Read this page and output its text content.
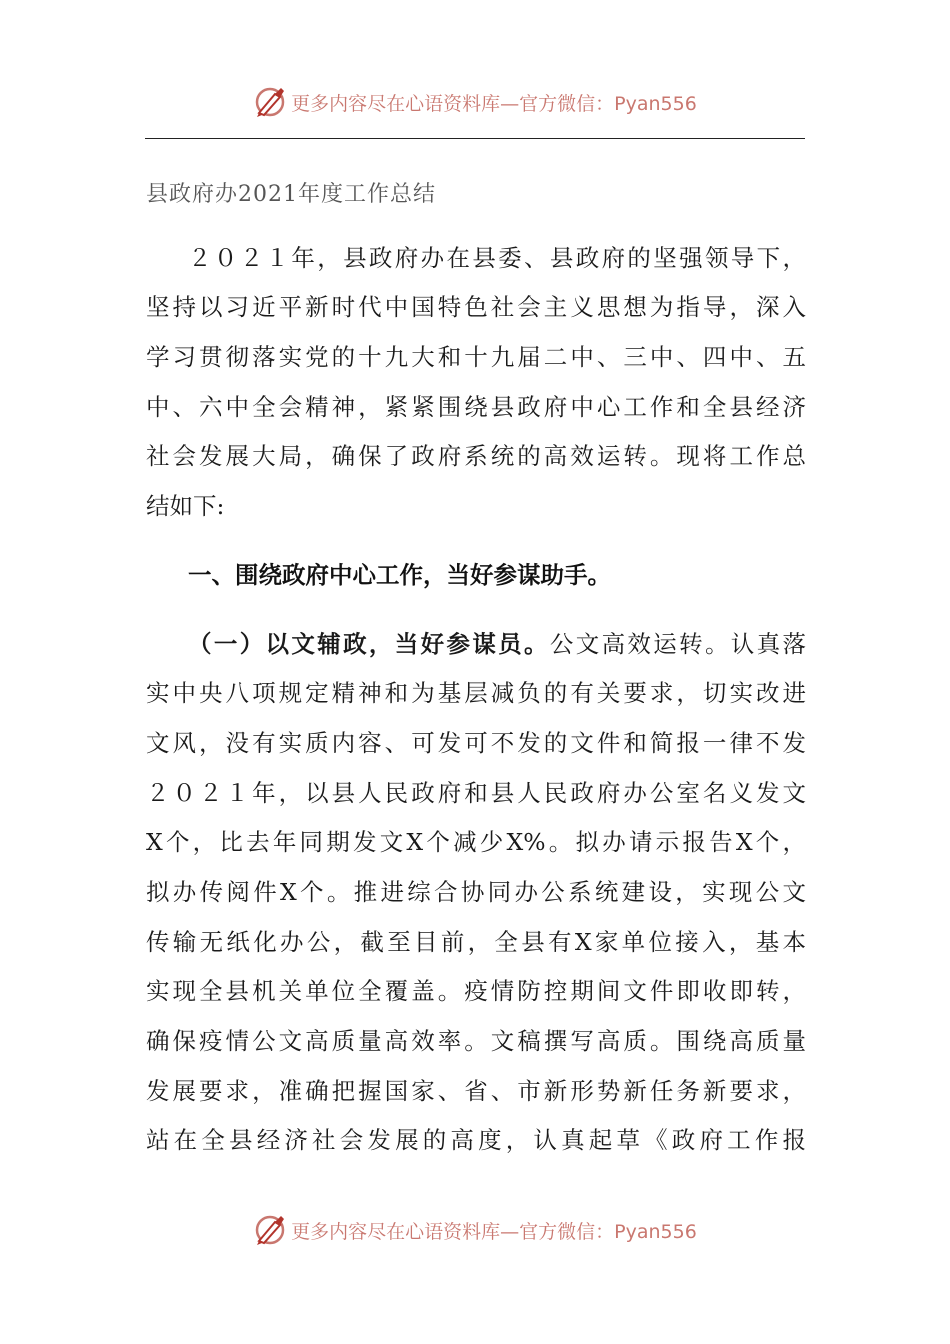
更多内容尽在心语资料库—官方微信：Pyan556
县政府办2021年度工作总结
２０２１年，县政府办在县委、县政府的坚强领导下，
坚持以习近平新时代中国特色社会主义思想为指导，深入
学习贯彻落实党的十九大和十九届二中、三中、四中、五
中、六中全会精神，紧紧围绕县政府中心工作和全县经济
社会发展大局，确保了政府系统的高效运转。现将工作总
结如下:
一、围绕政府中心工作，当好参谋助手。
（一）以文辅政，当好参谋员。公文高效运转。认真落
实中央八项规定精神和为基层减负的有关要求，切实改进
文风，没有实质内容、可发可不发的文件和简报一律不发
２０２１年，以县人民政府和县人民政府办公室名义发文
X个，比去年同期发文X个减少X%。拟办请示报告X个，
拟办传阅件X个。推进综合协同办公系统建设，实现公文
传输无纸化办公，截至目前，全县有X家单位接入，基本
实现全县机关单位全覆盖。疫情防控期间文件即收即转，
确保疫情公文高质量高效率。文稿撰写高质。围绕高质量
发展要求，准确把握国家、省、市新形势新任务新要求，
站在全县经济社会发展的高度，认真起草《政府工作报
更多内容尽在心语资料库—官方微信：Pyan556
